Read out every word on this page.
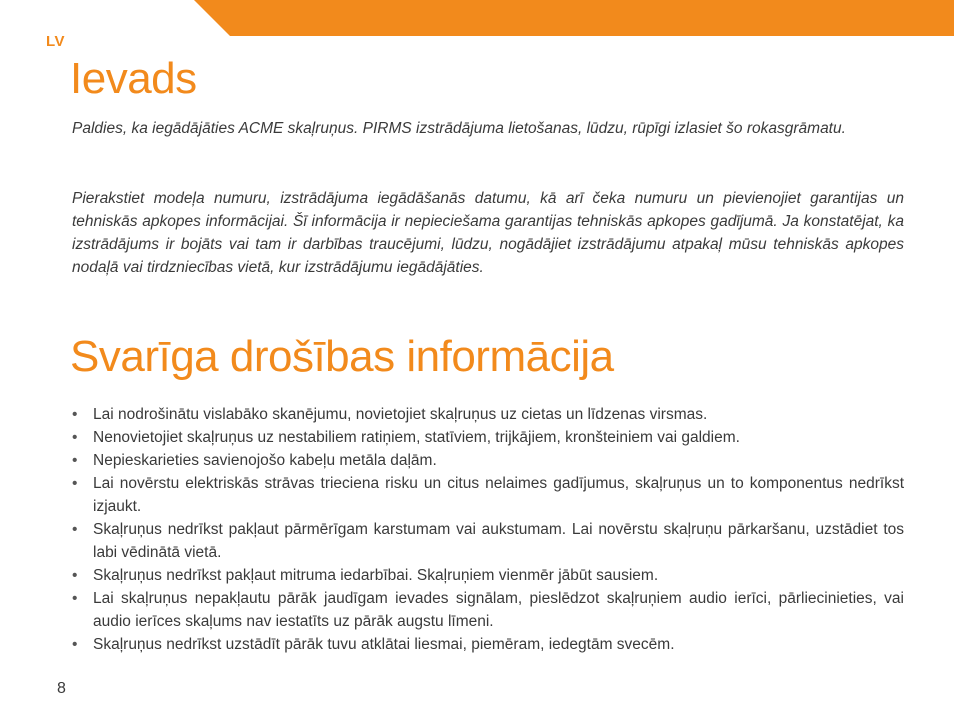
LV
Ievads

Paldies, ka iegādājāties ACME skaļruņus. PIRMS izstrādājuma lietošanas, lūdzu, rūpīgi izlasiet šo rokasgrāmatu.

Pierakstiet modeļa numuru, izstrādājuma iegādāšanās datumu, kā arī čeka numuru un pievienojiet garantijas un tehniskās apkopes informācijai. Šī informācija ir nepieciešama garantijas tehniskās apkopes gadījumā. Ja konstatējat, ka izstrādājums ir bojāts vai tam ir darbības traucējumi, lūdzu, nogādājiet izstrādājumu atpakaļ mūsu tehniskās apkopes nodaļā vai tirdzniecības vietā, kur izstrādājumu iegādājāties.

Svarīga drošības informācija
• Lai nodrošinātu vislabāko skanējumu, novietojiet skaļruņus uz cietas un līdzenas virsmas.
• Nenovietojiet skaļruņus uz nestabiliem ratiņiem, statīviem, trijkājiem, kronšteiniem vai galdiem.
• Nepieskarieties savienojošo kabeļu metāla daļām.
• Lai novērstu elektriskās strāvas trieciena risku un citus nelaimes gadījumus, skaļruņus un to komponentus nedrīkst izjaukt.
• Skaļruņus nedrīkst pakļaut pārmērīgam karstumam vai aukstumam. Lai novērstu skaļruņu pārkaršanu, uzstādiet tos labi vēdinātā vietā.
• Skaļruņus nedrīkst pakļaut mitruma iedarbībai. Skaļruņiem vienmēr jābūt sausiem.
• Lai skaļruņus nepakļautu pārāk jaudīgam ievades signālam, pieslēdzot skaļruņiem audio ierīci, pārliecinieties, vai audio ierīces skaļums nav iestatīts uz pārāk augstu līmeni.
• Skaļruņus nedrīkst uzstādīt pārāk tuvu atklātai liesmai, piemēram, iedegtām svecēm.
8
